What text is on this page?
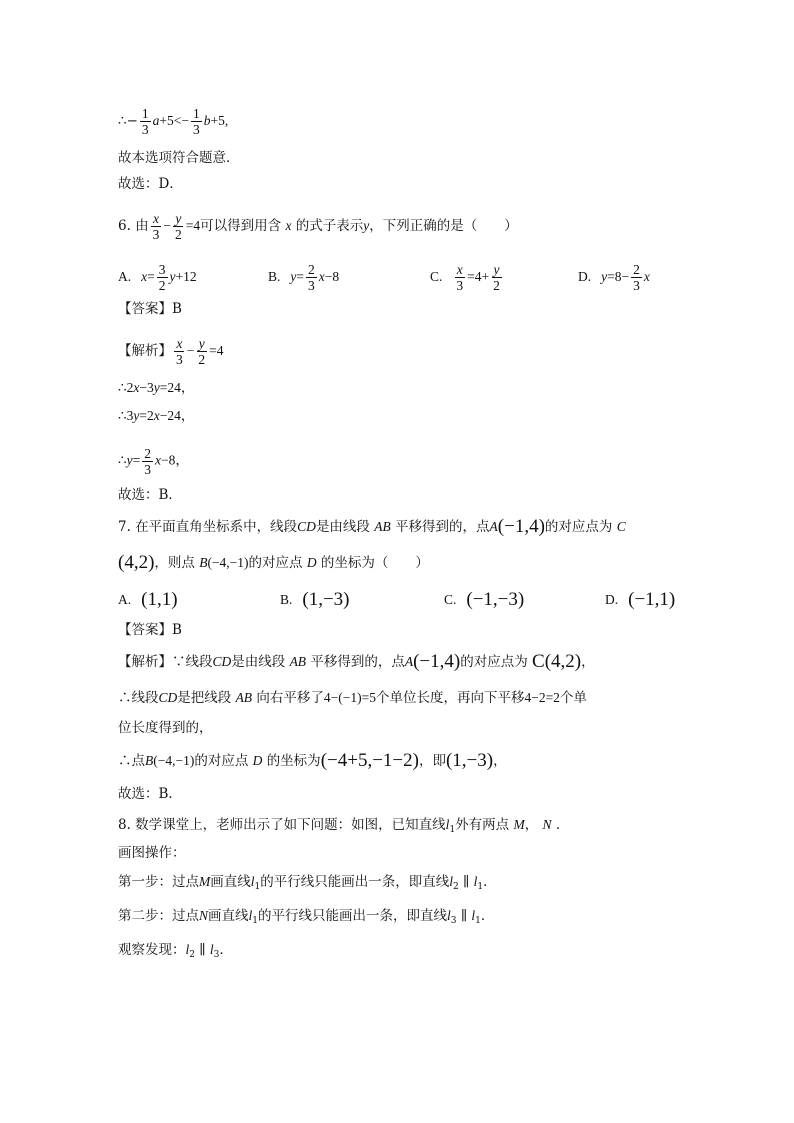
∴− $\frac{1}{3} a+5<- \frac{1}{3} b+5$,
故本选项符合题意．
故选：D．
6. 由 $\frac{x}{3} - \frac{y}{2} =4$可以得到用含 x 的式子表示y，下列正确的是（　　）
A. $x= \frac{3}{2} y+12$	B. $y= \frac{2}{3} x-8$	C. $\frac{x}{3} =4+ \frac{y}{2}$	D. $y=8- \frac{2}{3}$ x
【答案】B
【解析】 $\frac{x}{3} - \frac{y}{2} =4$
∴2x−3y=24，
∴3y=2x−24，
∴y= $\frac{2}{3} x-8$，
故选：B．
7. 在平面直角坐标系中，线段CD是由线段 AB 平移得到的，点A(−1,4)的对应点为 C
(4,2)，则点 B(−4,−1)的对应点 D 的坐标为（　　）
A. (1,1)	B. (1,−3)	C. (−1,−3)	D. (−1,1)
【答案】B
【解析】∵线段CD是由线段 AB 平移得到的，点A(−1,4)的对应点为 C(4,2)，
∴线段CD是把线段 AB 向右平移了4−(−1)=5个单位长度，再向下平移4−2=2个单
位长度得到的，
∴点B(−4,−1)的对应点 D 的坐标为(−4+5,−1−2)，即(1,−3)，
故选：B．
8. 数学课堂上，老师出示了如下问题：如图，已知直线$l_1$外有两点 M， N ．
画图操作：
第一步：过点M画直线$l_1$的平行线只能画出一条，即直线$l_2$ ∥ $l_1$．
第二步：过点N画直线$l_1$的平行线只能画出一条，即直线$l_3$ ∥ $l_1$．
观察发现：$l_2$ ∥ $l_3$．
